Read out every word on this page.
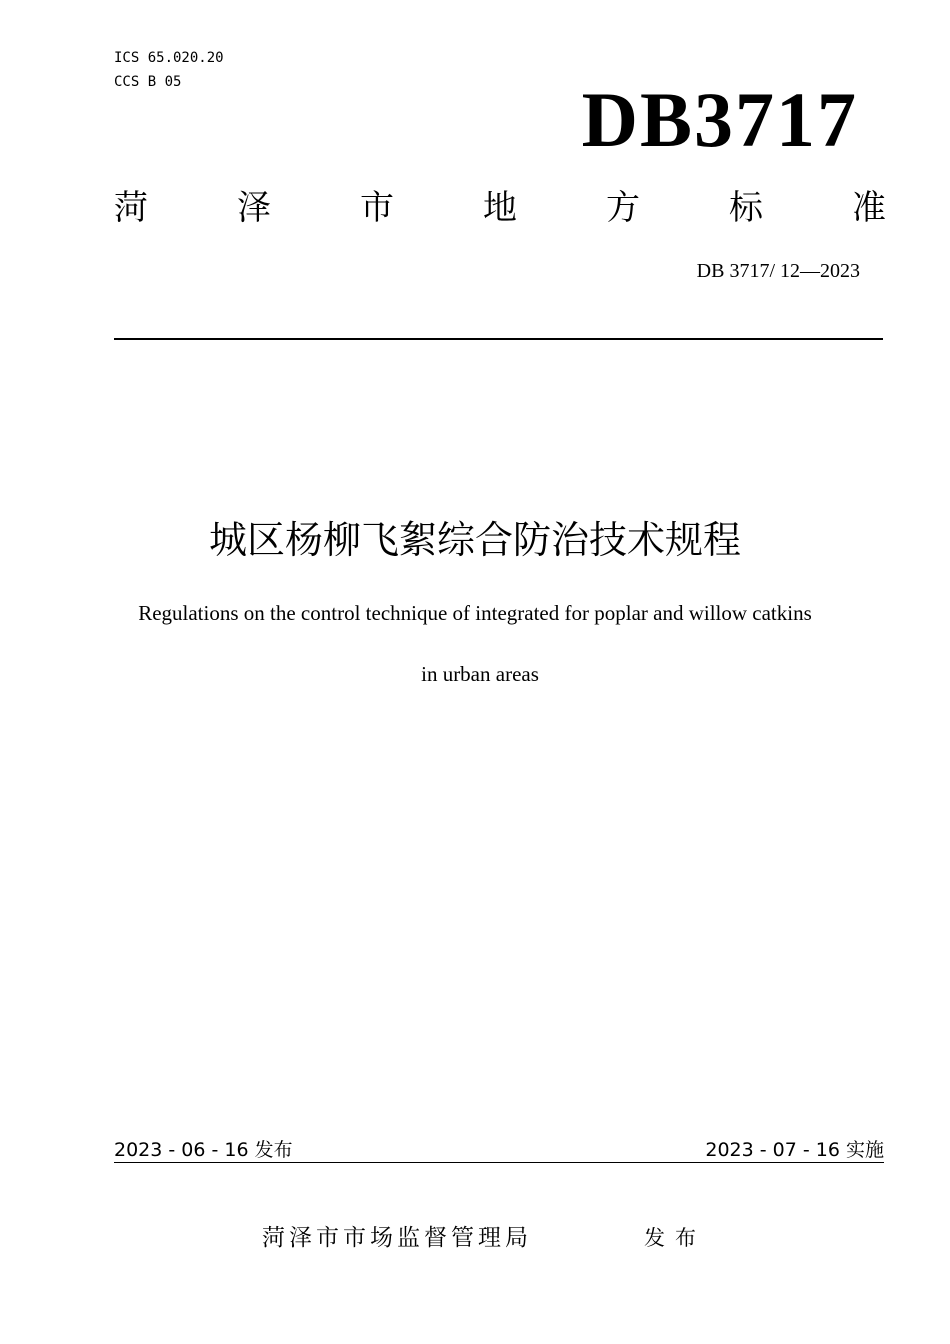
ICS 65.020.20
CCS B 05	DB3717
菏	泽	市	地	方	标	准
DB 3717/ 12—2023
城区杨柳飞絮综合防治技术规程
Regulations on the control technique of integrated for poplar and willow catkins
in urban areas
2023 - 06 - 16 发布	2023 - 07 - 16 实施
菏泽市市场监督管理局	发布
